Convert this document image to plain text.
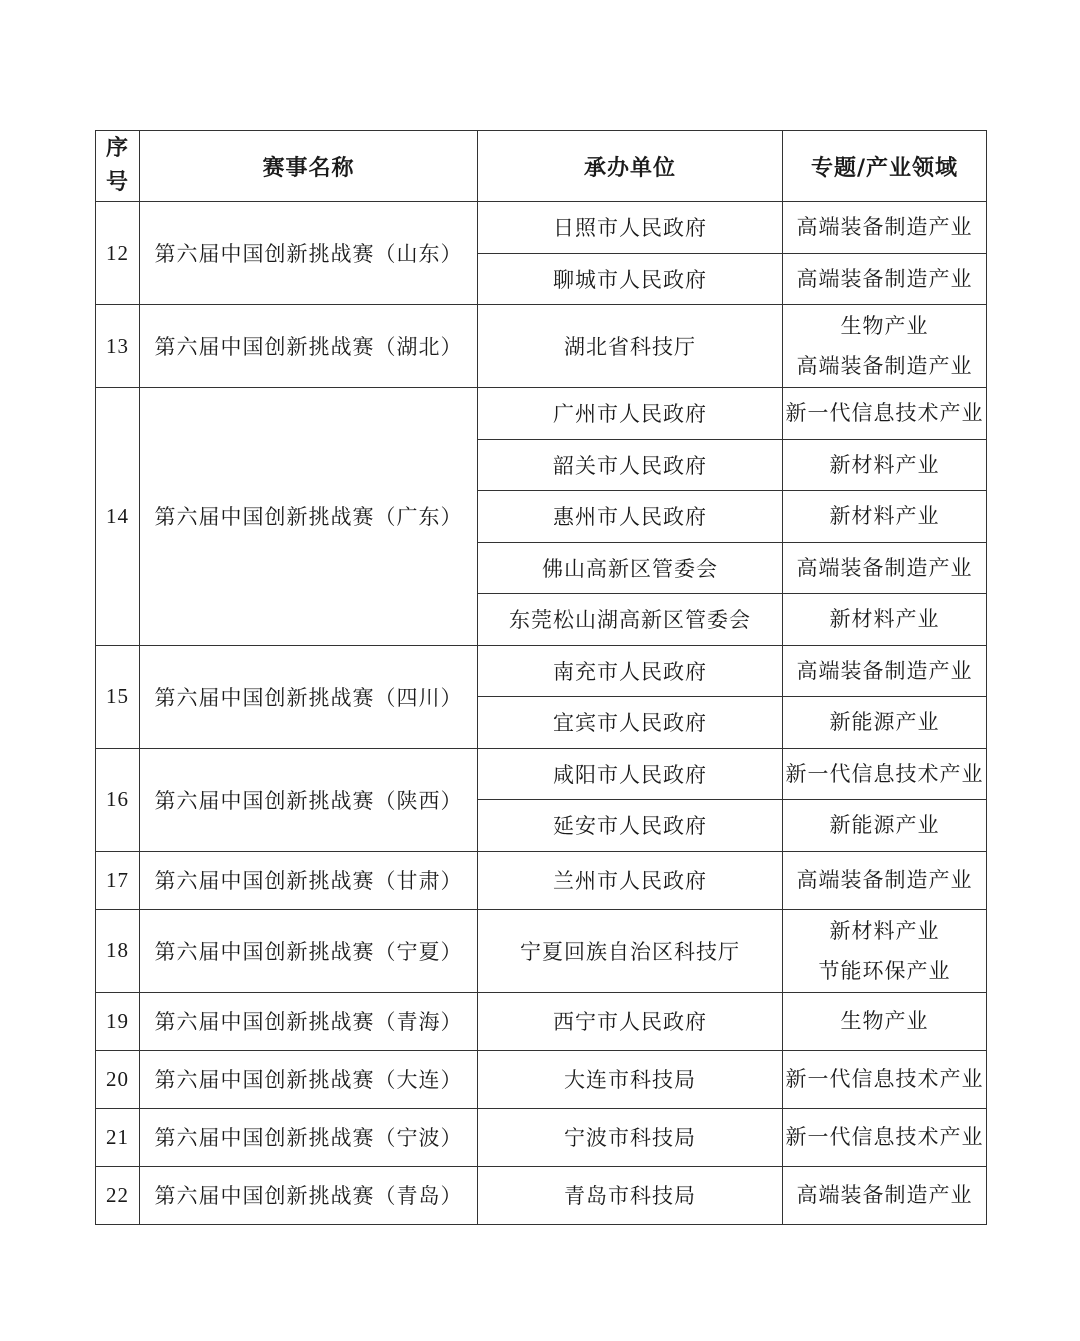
序
号	赛事名称	承办单位	专题/产业领域
12	第六届中国创新挑战赛（山东）	日照市人民政府	高端装备制造产业

		聊城市人民政府	高端装备制造产业

13	第六届中国创新挑战赛（湖北）	湖北省科技厅	生物产业
高端装备制造产业

14	第六届中国创新挑战赛（广东）	广州市人民政府	新一代信息技术产业

		韶关市人民政府	新材料产业

		惠州市人民政府	新材料产业

		佛山高新区管委会	高端装备制造产业

		东莞松山湖高新区管委会	新材料产业

15	第六届中国创新挑战赛（四川）	南充市人民政府	高端装备制造产业

		宜宾市人民政府	新能源产业

16	第六届中国创新挑战赛（陕西）	咸阳市人民政府	新一代信息技术产业

		延安市人民政府	新能源产业

17	第六届中国创新挑战赛（甘肃）	兰州市人民政府	高端装备制造产业

18	第六届中国创新挑战赛（宁夏）	宁夏回族自治区科技厅	新材料产业
节能环保产业

19	第六届中国创新挑战赛（青海）	西宁市人民政府	生物产业

20	第六届中国创新挑战赛（大连）	大连市科技局	新一代信息技术产业

21	第六届中国创新挑战赛（宁波）	宁波市科技局	新一代信息技术产业

22	第六届中国创新挑战赛（青岛）	青岛市科技局	高端装备制造产业
